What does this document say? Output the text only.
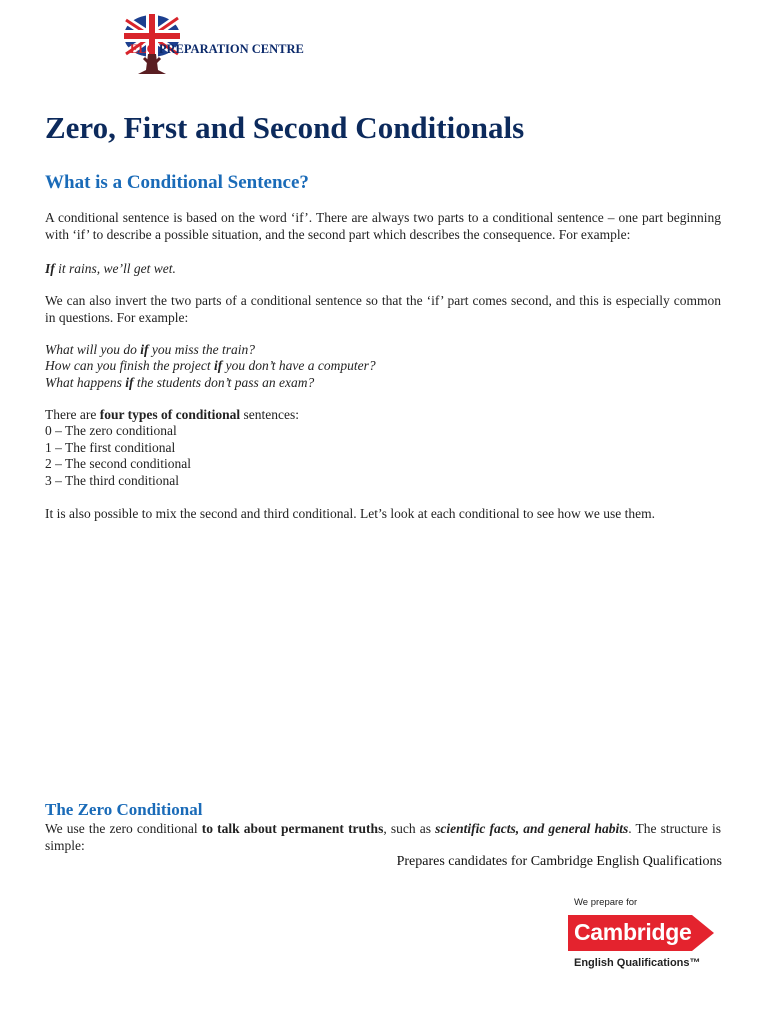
ELC PREPARATION CENTRE
Zero, First and Second Conditionals
What is a Conditional Sentence?

A conditional sentence is based on the word ‘if’. There are always two parts to a conditional sentence – one part beginning with ‘if’ to describe a possible situation, and the second part which describes the consequence. For example:

If it rains, we’ll get wet.

We can also invert the two parts of a conditional sentence so that the ‘if’ part comes second, and this is especially common in questions. For example:

What will you do if you miss the train?
How can you finish the project if you don’t have a computer?
What happens if the students don’t pass an exam?
There are four types of conditional sentences:
0 – The zero conditional
1 – The first conditional
2 – The second conditional
3 – The third conditional

It is also possible to mix the second and third conditional. Let’s look at each conditional to see how we use them.

The Zero Conditional

We use the zero conditional to talk about permanent truths, such as scientific facts, and general habits. The structure is simple:

Prepares candidates for Cambridge English Qualifications
We prepare for
Cambridge
English Qualifications™
